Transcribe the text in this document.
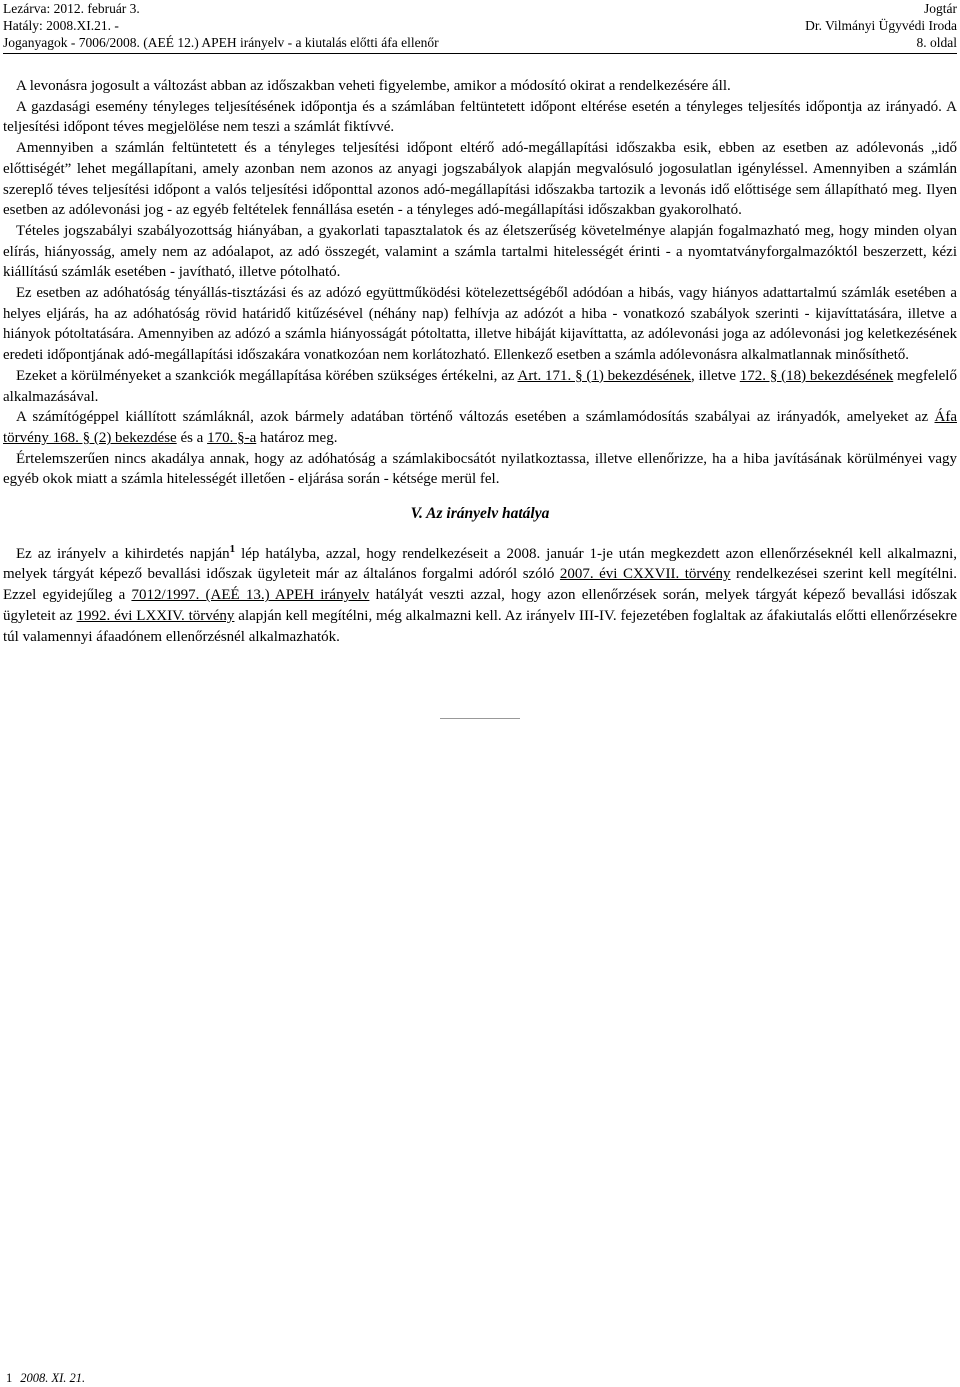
Lezárva: 2012. február 3.
Hatály: 2008.XI.21. -
Joganyagok - 7006/2008. (AEÉ 12.) APEH irányelv - a kiutalás előtti áfa ellenőr
Jogtár
Dr. Vilmányi Ügyvédi Iroda
8. oldal

A levonásra jogosult a változást abban az időszakban veheti figyelembe, amikor a módosító okirat a rendelkezésére áll.

A gazdasági esemény tényleges teljesítésének időpontja és a számlában feltüntetett időpont eltérése esetén a tényleges teljesítés időpontja az irányadó. A teljesítési időpont téves megjelölése nem teszi a számlát fiktívvé.

Amennyiben a számlán feltüntetett és a tényleges teljesítési időpont eltérő adó-megállapítási időszakba esik, ebben az esetben az adólevonás „idő előttiségét” lehet megállapítani, amely azonban nem azonos az anyagi jogszabályok alapján megvalósuló jogosulatlan igényléssel. Amennyiben a számlán szereplő téves teljesítési időpont a valós teljesítési időponttal azonos adó-megállapítási időszakba tartozik a levonás idő előttisége sem állapítható meg. Ilyen esetben az adólevonási jog - az egyéb feltételek fennállása esetén - a tényleges adó-megállapítási időszakban gyakorolható.

Tételes jogszabályi szabályozottság hiányában, a gyakorlati tapasztalatok és az életszerűség követelménye alapján fogalmazható meg, hogy minden olyan elírás, hiányosság, amely nem az adóalapot, az adó összegét, valamint a számla tartalmi hitelességét érinti - a nyomtatványforgalmazóktól beszerzett, kézi kiállítású számlák esetében - javítható, illetve pótolható.

Ez esetben az adóhatóság tényállás-tisztázási és az adózó együttműködési kötelezettségéből adódóan a hibás, vagy hiányos adattartalmú számlák esetében a helyes eljárás, ha az adóhatóság rövid határidő kitűzésével (néhány nap) felhívja az adózót a hiba - vonatkozó szabályok szerinti - kijavíttatására, illetve a hiányok pótoltatására. Amennyiben az adózó a számla hiányosságát pótoltatta, illetve hibáját kijavíttatta, az adólevonási joga az adólevonási jog keletkezésének eredeti időpontjának adó-megállapítási időszakára vonatkozóan nem korlátozható. Ellenkező esetben a számla adólevonásra alkalmatlannak minősíthető.

Ezeket a körülményeket a szankciók megállapítása körében szükséges értékelni, az Art. 171. § (1) bekezdésének, illetve 172. § (18) bekezdésének megfelelő alkalmazásával.

A számítógéppel kiállított számláknál, azok bármely adatában történő változás esetében a számlamódosítás szabályai az irányadók, amelyeket az Áfa törvény 168. § (2) bekezdése és a 170. §-a határoz meg.

Értelemszerűen nincs akadálya annak, hogy az adóhatóság a számlakibocsátót nyilatkoztassa, illetve ellenőrizze, ha a hiba javításának körülményei vagy egyéb okok miatt a számla hitelességét illetően - eljárása során - kétsége merül fel.

V. Az irányelv hatálya

Ez az irányelv a kihirdetés napján$^1$ lép hatályba, azzal, hogy rendelkezéseit a 2008. január 1-je után megkezdett azon ellenőrzéseknél kell alkalmazni, melyek tárgyát képező bevallási időszak ügyleteit már az általános forgalmi adóról szóló 2007. évi CXXVII. törvény rendelkezései szerint kell megítélni. Ezzel egyidejűleg a 7012/1997. (AEÉ 13.) APEH irányelv hatályát veszti azzal, hogy azon ellenőrzések során, melyek tárgyát képező bevallási időszak ügyleteit az 1992. évi LXXIV. törvény alapján kell megítélni, még alkalmazni kell. Az irányelv III-IV. fejezetében foglaltak az áfakiutalás előtti ellenőrzésekre túl valamennyi áfaadónem ellenőrzésnél alkalmazhatók.

1 2008. XI. 21.
